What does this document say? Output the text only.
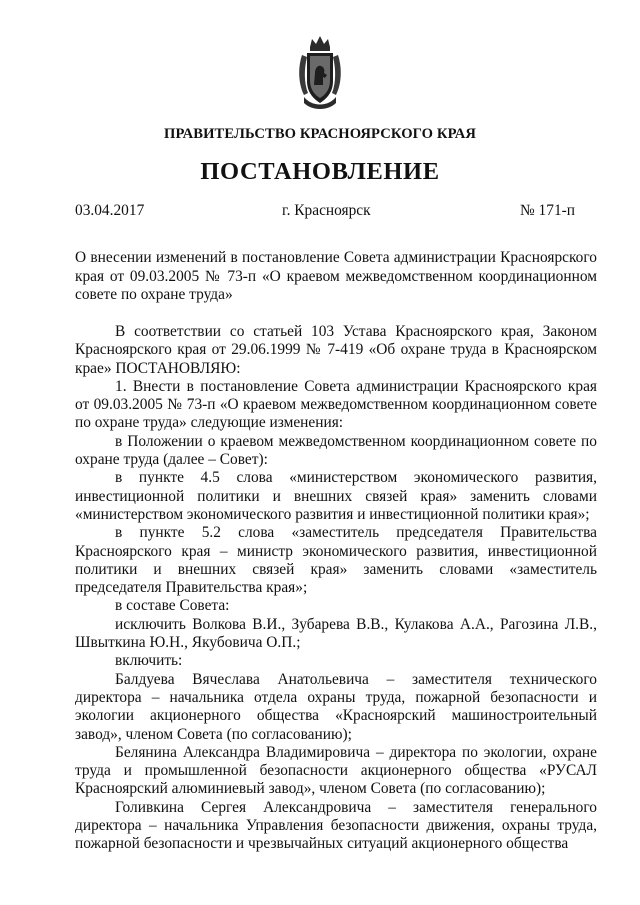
ПРАВИТЕЛЬСТВО КРАСНОЯРСКОГО КРАЯ
ПОСТАНОВЛЕНИЕ
03.04.2017	г. Красноярск	№ 171-п
О внесении изменений в постановление Совета администрации Красноярского края от 09.03.2005 № 73-п «О краевом межведомственном координационном совете по охране труда»

В соответствии со статьей 103 Устава Красноярского края, Законом Красноярского края от 29.06.1999 № 7-419 «Об охране труда в Красноярском крае» ПОСТАНОВЛЯЮ:

1. Внести в постановление Совета администрации Красноярского края от 09.03.2005 № 73-п «О краевом межведомственном координационном совете по охране труда» следующие изменения:

в Положении о краевом межведомственном координационном совете по охране труда (далее – Совет):

в пункте 4.5 слова «министерством экономического развития, инвестиционной политики и внешних связей края» заменить словами «министерством экономического развития и инвестиционной политики края»;

в пункте 5.2 слова «заместитель председателя Правительства Красноярского края – министр экономического развития, инвестиционной политики и внешних связей края» заменить словами «заместитель председателя Правительства края»;

в составе Совета:

исключить Волкова В.И., Зубарева В.В., Кулакова А.А., Рагозина Л.В., Швыткина Ю.Н., Якубовича О.П.;

включить:

Балдуева Вячеслава Анатольевича – заместителя технического директора – начальника отдела охраны труда, пожарной безопасности и экологии акционерного общества «Красноярский машиностроительный завод», членом Совета (по согласованию);

Белянина Александра Владимировича – директора по экологии, охране труда и промышленной безопасности акционерного общества «РУСАЛ Красноярский алюминиевый завод», членом Совета (по согласованию);

Голивкина Сергея Александровича – заместителя генерального директора – начальника Управления безопасности движения, охраны труда, пожарной безопасности и чрезвычайных ситуаций акционерного общества
